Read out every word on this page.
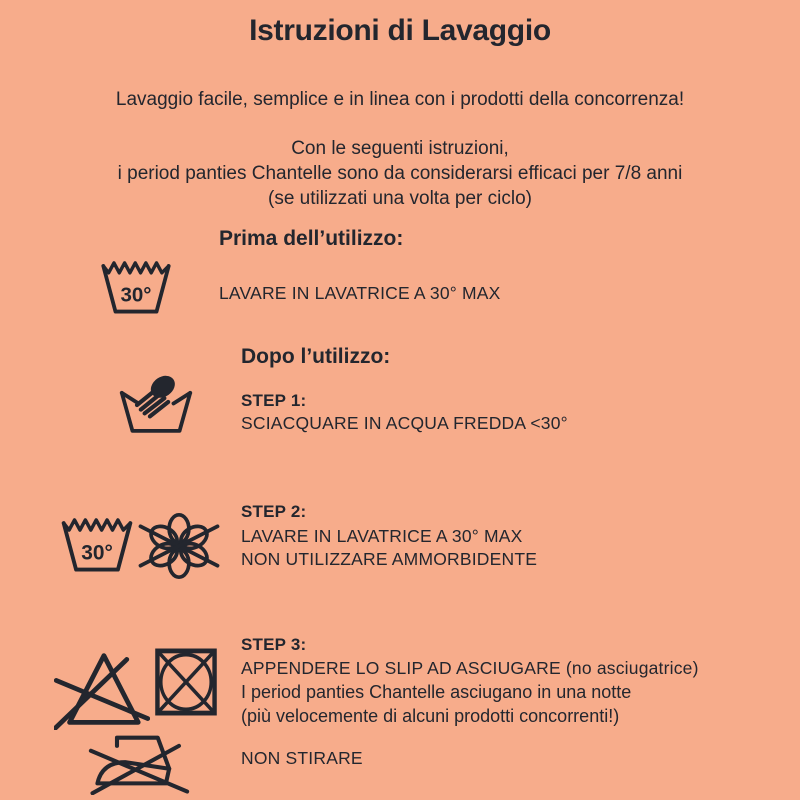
Istruzioni di Lavaggio
Lavaggio facile, semplice e in linea con i prodotti della concorrenza!
Con le seguenti istruzioni,
i period panties Chantelle sono da considerarsi efficaci per 7/8 anni
(se utilizzati una volta per ciclo)
Prima dell’utilizzo:
30°	LAVARE IN LAVATRICE A 30° MAX
Dopo l’utilizzo:
STEP 1:
SCIACQUARE IN ACQUA FREDDA <30°
STEP 2:
30°
LAVARE IN LAVATRICE A 30° MAX
NON UTILIZZARE AMMORBIDENTE
STEP 3:
APPENDERE LO SLIP AD ASCIUGARE (no asciugatrice)
I period panties Chantelle asciugano in una notte
(più velocemente di alcuni prodotti concorrenti!)
NON STIRARE
